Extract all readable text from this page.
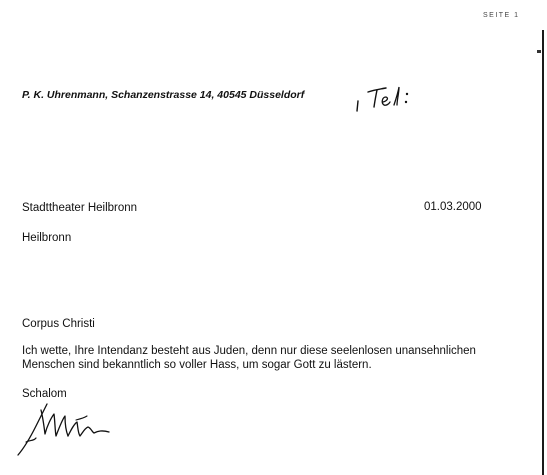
SEITE 1
P. K. Uhrenmann, Schanzenstrasse 14, 40545 Düsseldorf
Stadttheater Heilbronn	01.03.2000
Heilbronn
Corpus Christi
Ich wette, Ihre Intendanz besteht aus Juden, denn nur diese seelenlosen unansehnlichen
Menschen sind bekanntlich so voller Hass, um sogar Gott zu lästern.
Schalom
